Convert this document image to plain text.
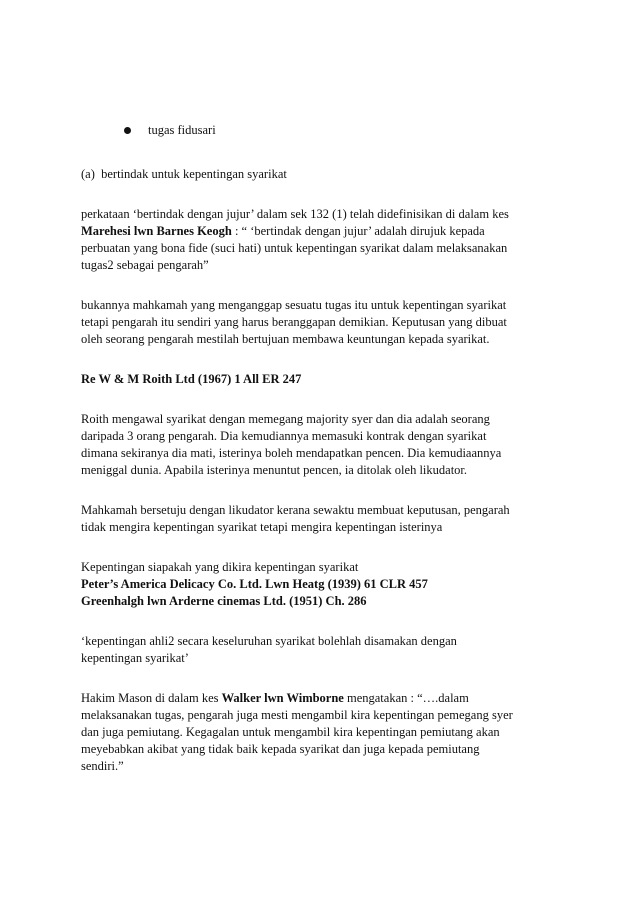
tugas fidusari
(a)  bertindak untuk kepentingan syarikat
perkataan ‘bertindak dengan jujur’ dalam sek 132 (1) telah didefinisikan di dalam kes
Marehesi lwn Barnes Keogh : “ ‘bertindak dengan jujur’ adalah dirujuk kepada
perbuatan yang bona fide (suci hati) untuk kepentingan syarikat dalam melaksanakan
tugas2 sebagai pengarah”
bukannya mahkamah yang menganggap sesuatu tugas itu untuk kepentingan syarikat
tetapi pengarah itu sendiri yang harus beranggapan demikian. Keputusan yang dibuat
oleh seorang pengarah mestilah bertujuan membawa keuntungan kepada syarikat.
Re W & M Roith Ltd (1967) 1 All ER 247
Roith mengawal syarikat dengan memegang majority syer dan dia adalah seorang
daripada 3 orang pengarah. Dia kemudiannya memasuki kontrak dengan syarikat
dimana sekiranya dia mati, isterinya boleh mendapatkan pencen. Dia kemudiaannya
meniggal dunia. Apabila isterinya menuntut pencen, ia ditolak oleh likudator.
Mahkamah bersetuju dengan likudator kerana sewaktu membuat keputusan, pengarah
tidak mengira kepentingan syarikat tetapi mengira kepentingan isterinya
Kepentingan siapakah yang dikira kepentingan syarikat
Peter’s America Delicacy Co. Ltd. Lwn Heatg (1939) 61 CLR 457
Greenhalgh lwn Arderne cinemas Ltd. (1951) Ch. 286
‘kepentingan ahli2 secara keseluruhan syarikat bolehlah disamakan dengan
kepentingan syarikat’
Hakim Mason di dalam kes Walker lwn Wimborne mengatakan : “….dalam
melaksanakan tugas, pengarah juga mesti mengambil kira kepentingan pemegang syer
dan juga pemiutang. Kegagalan untuk mengambil kira kepentingan pemiutang akan
meyebabkan akibat yang tidak baik kepada syarikat dan juga kepada pemiutang
sendiri.”
